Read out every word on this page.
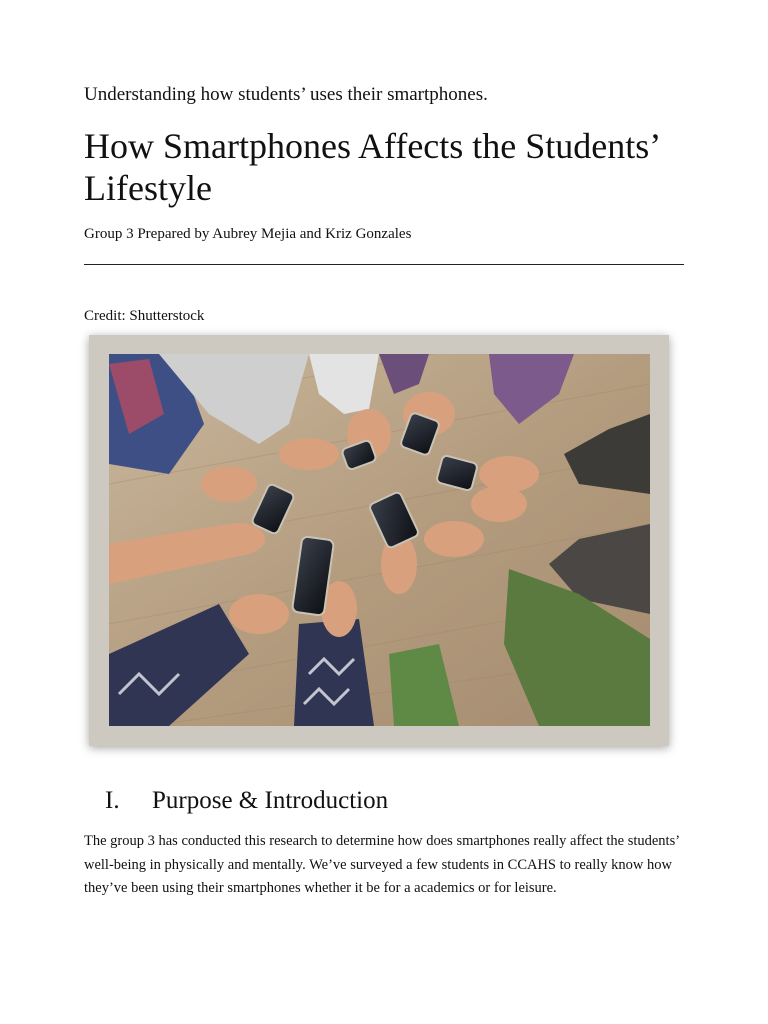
Understanding how students’ uses their smartphones.
How Smartphones Affects the Students’ Lifestyle
Group 3 Prepared by Aubrey Mejia and Kriz Gonzales
Credit: Shutterstock
I.	Purpose & Introduction
The group 3 has conducted this research to determine how does smartphones really affect the students’ well-being in physically and mentally. We’ve surveyed a few students in CCAHS to really know how they’ve been using their smartphones whether it be for a academics or for leisure.
